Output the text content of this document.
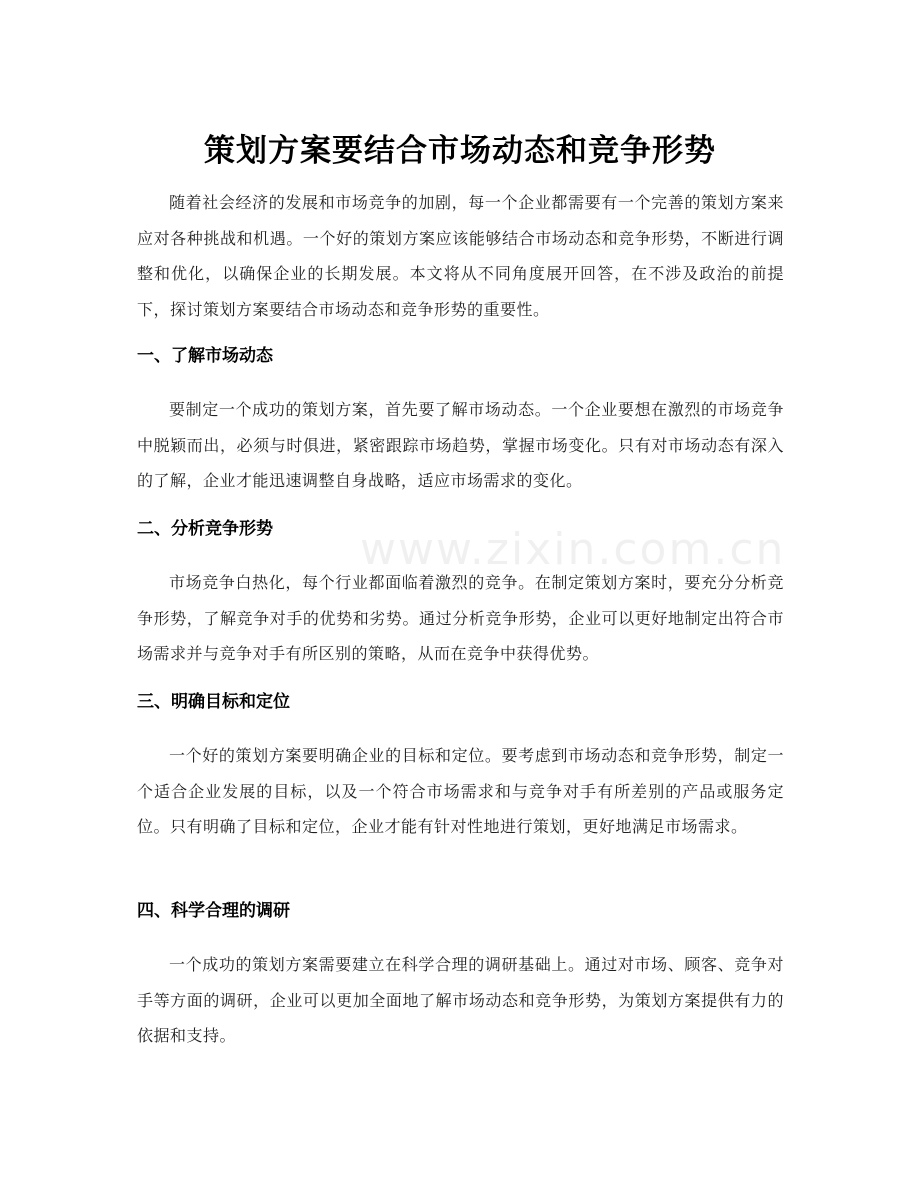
策划方案要结合市场动态和竞争形势

随着社会经济的发展和市场竞争的加剧，每一个企业都需要有一个完善的策划方案来应对各种挑战和机遇。一个好的策划方案应该能够结合市场动态和竞争形势，不断进行调整和优化，以确保企业的长期发展。本文将从不同角度展开回答，在不涉及政治的前提下，探讨策划方案要结合市场动态和竞争形势的重要性。

一、了解市场动态

要制定一个成功的策划方案，首先要了解市场动态。一个企业要想在激烈的市场竞争中脱颖而出，必须与时俱进，紧密跟踪市场趋势，掌握市场变化。只有对市场动态有深入的了解，企业才能迅速调整自身战略，适应市场需求的变化。

二、分析竞争形势

市场竞争白热化，每个行业都面临着激烈的竞争。在制定策划方案时，要充分分析竞争形势，了解竞争对手的优势和劣势。通过分析竞争形势，企业可以更好地制定出符合市场需求并与竞争对手有所区别的策略，从而在竞争中获得优势。

三、明确目标和定位

一个好的策划方案要明确企业的目标和定位。要考虑到市场动态和竞争形势，制定一个适合企业发展的目标，以及一个符合市场需求和与竞争对手有所差别的产品或服务定位。只有明确了目标和定位，企业才能有针对性地进行策划，更好地满足市场需求。

四、科学合理的调研

一个成功的策划方案需要建立在科学合理的调研基础上。通过对市场、顾客、竞争对手等方面的调研，企业可以更加全面地了解市场动态和竞争形势，为策划方案提供有力的依据和支持。

www.zixin.com.cn
